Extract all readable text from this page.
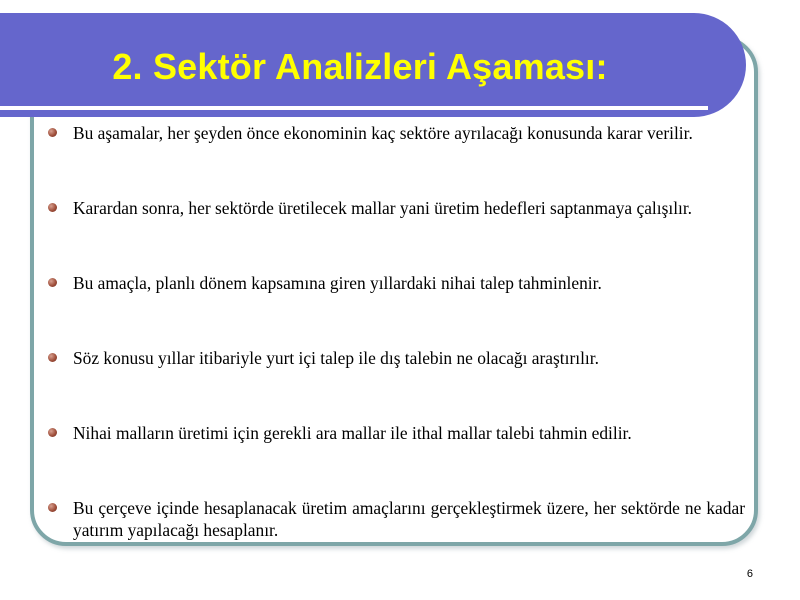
2. Sektör Analizleri Aşaması:
Bu aşamalar, her şeyden önce ekonominin kaç sektöre ayrılacağı konusunda karar verilir.
Karardan sonra, her sektörde üretilecek mallar yani üretim hedefleri saptanmaya çalışılır.
Bu amaçla, planlı dönem kapsamına giren yıllardaki nihai talep tahminlenir.
Söz konusu yıllar itibariyle yurt içi talep ile dış talebin ne olacağı araştırılır.
Nihai malların üretimi için gerekli ara mallar ile ithal mallar talebi tahmin edilir.
Bu çerçeve içinde hesaplanacak üretim amaçlarını gerçekleştirmek üzere, her sektörde ne kadar yatırım yapılacağı hesaplanır.
6
